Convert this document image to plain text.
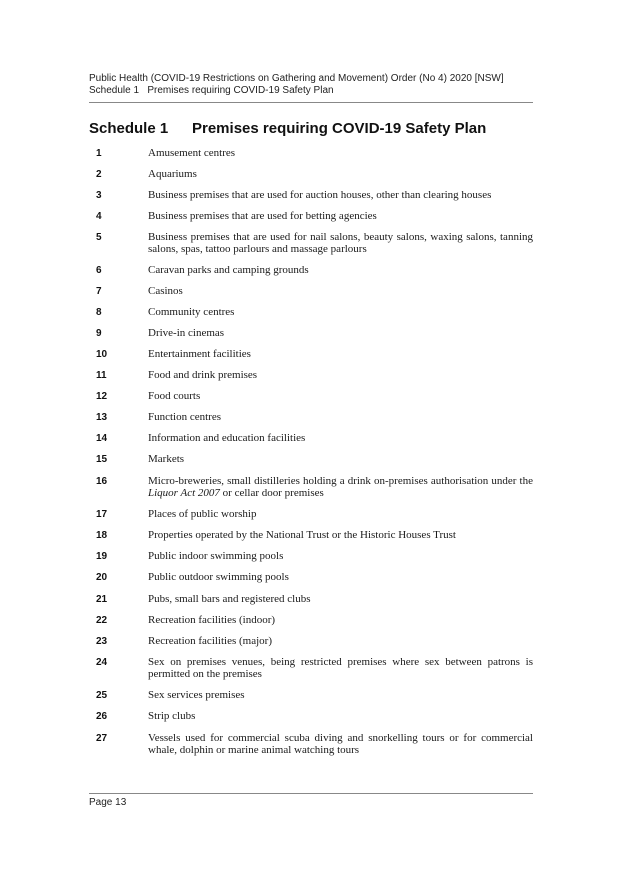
Public Health (COVID-19 Restrictions on Gathering and Movement) Order (No 4) 2020 [NSW]
Schedule 1   Premises requiring COVID-19 Safety Plan
Schedule 1 Premises requiring COVID-19 Safety Plan
1	Amusement centres
2	Aquariums
3	Business premises that are used for auction houses, other than clearing houses
4	Business premises that are used for betting agencies
5	Business premises that are used for nail salons, beauty salons, waxing salons, tanning salons, spas, tattoo parlours and massage parlours
6	Caravan parks and camping grounds
7	Casinos
8	Community centres
9	Drive-in cinemas
10	Entertainment facilities
11	Food and drink premises
12	Food courts
13	Function centres
14	Information and education facilities
15	Markets
16	Micro-breweries, small distilleries holding a drink on-premises authorisation under the Liquor Act 2007 or cellar door premises
17	Places of public worship
18	Properties operated by the National Trust or the Historic Houses Trust
19	Public indoor swimming pools
20	Public outdoor swimming pools
21	Pubs, small bars and registered clubs
22	Recreation facilities (indoor)
23	Recreation facilities (major)
24	Sex on premises venues, being restricted premises where sex between patrons is permitted on the premises
25	Sex services premises
26	Strip clubs
27	Vessels used for commercial scuba diving and snorkelling tours or for commercial whale, dolphin or marine animal watching tours
Page 13
